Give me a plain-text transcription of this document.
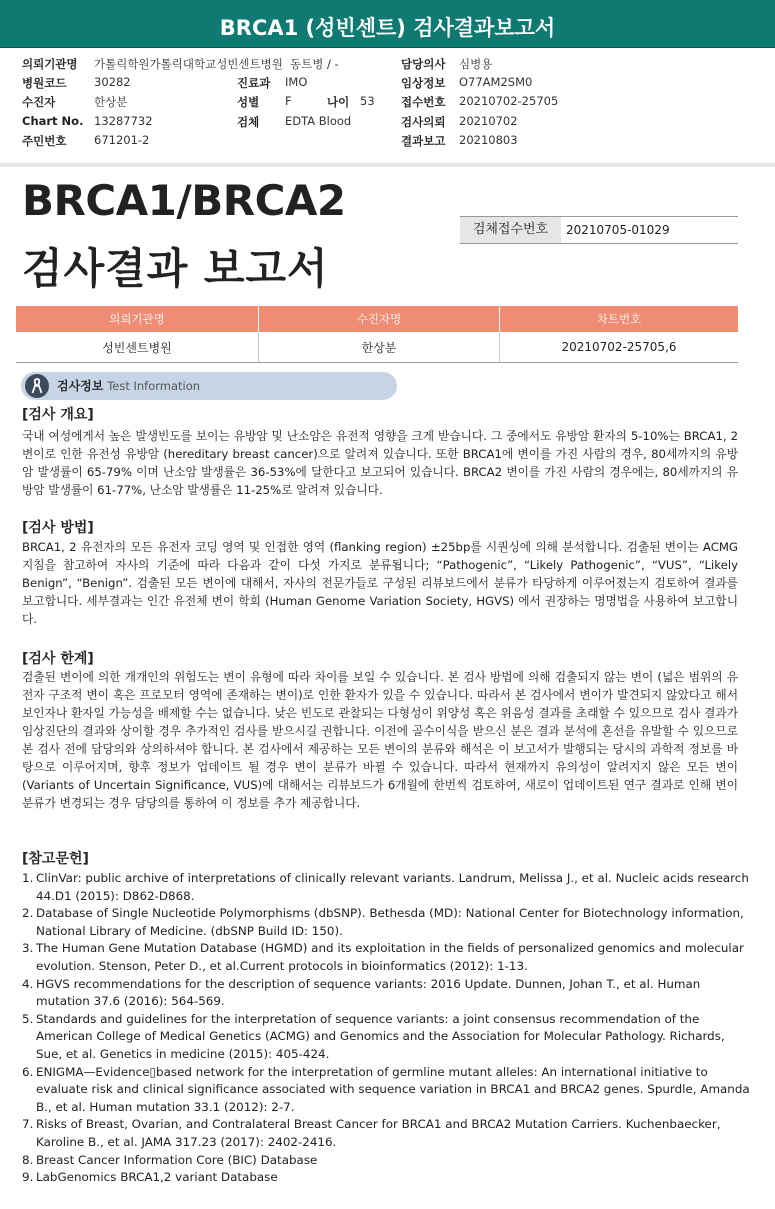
BRCA1 (성빈센트) 검사결과보고서
의뢰기관명 가톨릭학원가톨릭대학교성빈센트병원 동트병 / -
병원코드 30282
수진자	한상분
Chart No. 13287732
주민번호 671201-2
진료과 IMO
성별 F	나이 53
검체 EDTA Blood
담당의사 심병용
임상정보 O77AM2SM0
접수번호 20210702-25705
검사의뢰 20210702
결과보고 20210803
BRCA1/BRCA2
검사결과 보고서
검체접수번호	20210705-01029
의뢰기관명	수진자명	차트번호
성빈센트병원	한상분	20210702-25705,6
검사정보 Test Information
[검사 개요]
국내 여성에게서 높은 발생빈도를 보이는 유방암 및 난소암은 유전적 영향을 크게 받습니다. 그 중에서도 유방암 환자의 5-10%는 BRCA1, 2 변이로 인한 유전성 유방암 (hereditary breast cancer)으로 알려져 있습니다. 또한 BRCA1에 변이를 가진 사람의 경우, 80세까지의 유방암 발생률이 65-79% 이며 난소암 발생률은 36-53%에 달한다고 보고되어 있습니다. BRCA2 변이를 가진 사람의 경우에는, 80세까지의 유방암 발생률이 61-77%, 난소암 발생률은 11-25%로 알려져 있습니다.
[검사 방법]
BRCA1, 2 유전자의 모든 유전자 코딩 영역 및 인접한 영역 (flanking region) ±25bp를 시퀀싱에 의해 분석합니다. 검출된 변이는 ACMG 지침을 참고하여 자사의 기준에 따라 다음과 같이 다섯 가지로 분류됩니다; “Pathogenic”, “Likely Pathogenic”, “VUS”, “Likely Benign”, “Benign”. 검출된 모든 변이에 대해서, 자사의 전문가들로 구성된 리뷰보드에서 분류가 타당하게 이루어졌는지 검토하여 결과를 보고합니다. 세부결과는 인간 유전체 변이 학회 (Human Genome Variation Society, HGVS) 에서 권장하는 명명법을 사용하여 보고합니다.
[검사 한계]
검출된 변이에 의한 개개인의 위험도는 변이 유형에 따라 차이를 보일 수 있습니다. 본 검사 방법에 의해 검출되지 않는 변이 (넓은 범위의 유전자 구조적 변이 혹은 프로모터 영역에 존재하는 변이)로 인한 환자가 있을 수 있습니다. 따라서 본 검사에서 변이가 발견되지 않았다고 해서 보인자나 환자일 가능성을 배제할 수는 없습니다. 낮은 빈도로 관찰되는 다형성이 위양성 혹은 위음성 결과를 초래할 수 있으므로 검사 결과가 임상진단의 결과와 상이할 경우 추가적인 검사를 받으시길 권합니다. 이전에 골수이식을 받으신 분은 결과 분석에 혼선을 유발할 수 있으므로 본 검사 전에 담당의와 상의하셔야 합니다. 본 검사에서 제공하는 모든 변이의 분류와 해석은 이 보고서가 발행되는 당시의 과학적 정보를 바탕으로 이루어지며, 향후 정보가 업데이트 될 경우 변이 분류가 바뀔 수 있습니다. 따라서 현재까지 유의성이 알려지지 않은 모든 변이 (Variants of Uncertain Significance, VUS)에 대해서는 리뷰보드가 6개월에 한번씩 검토하여, 새로이 업데이트된 연구 결과로 인해 변이 분류가 변경되는 경우 담당의를 통하여 이 정보를 추가 제공합니다.
[참고문헌]
1. ClinVar: public archive of interpretations of clinically relevant variants. Landrum, Melissa J., et al. Nucleic acids research 44.D1 (2015): D862-D868.
2. Database of Single Nucleotide Polymorphisms (dbSNP). Bethesda (MD): National Center for Biotechnology information, National Library of Medicine. (dbSNP Build ID: 150).
3. The Human Gene Mutation Database (HGMD) and its exploitation in the fields of personalized genomics and molecular evolution. Stenson, Peter D., et al.Current protocols in bioinformatics (2012): 1-13.
4. HGVS recommendations for the description of sequence variants: 2016 Update. Dunnen, Johan T., et al. Human mutation 37.6 (2016): 564-569.
5. Standards and guidelines for the interpretation of sequence variants: a joint consensus recommendation of the American College of Medical Genetics (ACMG) and Genomics and the Association for Molecular Pathology. Richards, Sue, et al. Genetics in medicine (2015): 405-424.
6. ENIGMA—Evidence▯based network for the interpretation of germline mutant alleles: An international initiative to evaluate risk and clinical significance associated with sequence variation in BRCA1 and BRCA2 genes. Spurdle, Amanda B., et al. Human mutation 33.1 (2012): 2-7.
7. Risks of Breast, Ovarian, and Contralateral Breast Cancer for BRCA1 and BRCA2 Mutation Carriers. Kuchenbaecker, Karoline B., et al. JAMA 317.23 (2017): 2402-2416.
8. Breast Cancer Information Core (BIC) Database
9. LabGenomics BRCA1,2 variant Database
